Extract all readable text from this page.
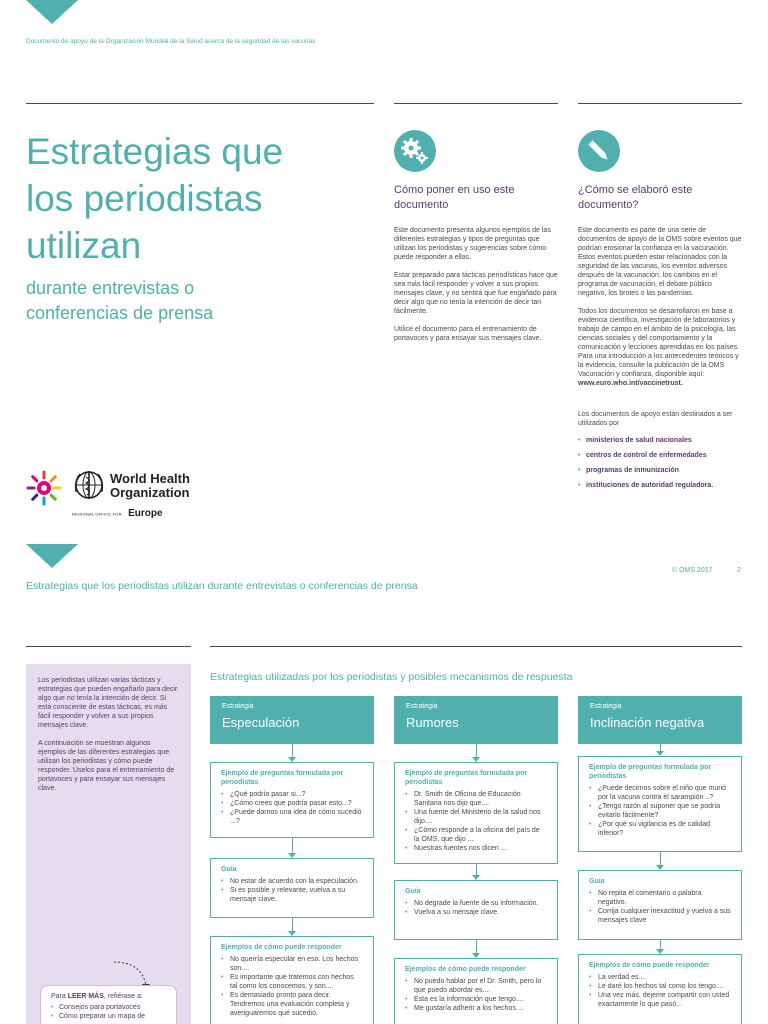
Documento de apoyo de la Organización Mundial de la Salud acerca de la seguridad de las vacunas
Estrategias que
los periodistas
utilizan
durante entrevistas o
conferencias de prensa
Cómo poner en uso este
documento

Este documento presenta algunos ejemplos de las diferentes estrategias y tipos de preguntas que utilizan los periodistas y sugerencias sobre cómo puede responder a ellas.

Estar preparado para tácticas periodísticas hace que sea más fácil responder y volver a sus propios mensajes clave, y no sentirá que fue engañado para decir algo que no tenía la intención de decir tan fácilmente.

Utilice el documento para el entrenamiento de portavoces y para ensayar sus mensajes clave.

¿Cómo se elaboró este
documento?

Este documento es parte de una serie de documentos de apoyo de la OMS sobre eventos que podrían erosionar la confianza en la vacunación. Estos eventos pueden estar relacionados con la seguridad de las vacunas, los eventos adversos después de la vacunación, los cambios en el programa de vacunación, el debate público negativo, los brotes o las pandemias.

Todos los documentos se desarrollaron en base a evidencia científica, investigación de laboratorios y trabajo de campo en el ámbito de la psicología, las ciencias sociales y del comportamiento y la comunicación y lecciones aprendidas en los países. Para una introducción a los antecedentes teóricos y la evidencia, consulte la publicación de la OMS Vacunación y confianza, disponible aquí:

www.euro.who.int/vaccinetrust.

Los documentos de apoyo están destinados a ser utilizados por

• ministerios de salud nacionales
• centros de control de enfermedades
• programas de inmunización
• instituciones de autoridad reguladora.
World Health
Organization
REGIONAL OFFICE FOR Europe
Estrategias que los periodistas utilizan durante entrevistas o conferencias de prensa
© OMS 2017	2

Los periodistas utilizan varias tácticas y estrategias que pueden engañarlo para decir algo que no tenía la intención de decir. Si está consciente de estas tácticas, es más fácil responder y volver a sus propios mensajes clave.

A continuación se muestran algunos ejemplos de las diferentes estrategias que utilizan los periodistas y cómo puede responder. Úselos para el entrenamiento de portavoces y para ensayar sus mensajes clave.

Para LEER MÁS, refiérase a:
• Consejos para portavoces
• Cómo preparar un mapa de
Estrategias utilizadas por los periodistas y posibles mecanismos de respuesta
Estrategia
Especulación
Ejemplo de preguntas formulada por periodistas
• ¿Qué podría pasar si...?
• ¿Cómo crees que podría pasar esto...?
• ¿Puede darnos una idea de cómo sucedió ...?
Guía
• No estar de acuerdo con la especulación.
• Si es posible y relevante, vuelva a su mensaje clave.
Ejemplos de cómo puede responder
• No querría especular en eso. Los hechos son....
• Es importante que tratemos con hechos tal como los conocemos, y son....
• Es demasiado pronto para decir. Tendremos una evaluación completa y averiguaremos qué sucedió.
Estrategia
Rumores
Ejemplo de preguntas formulada por periodistas
• Dr. Smith de Oficina de Educación Sanitaria nos dijo que....
• Una fuente del Ministerio de la salud nos dijo....
• ¿Cómo responde a la oficina del país de la OMS, que dijo ...
• Nuestras fuentes nos dicen ...
Guía
• No degrade la fuente de su información.
• Vuelva a su mensaje clave.
Ejemplos de cómo puede responder
• No puedo hablar por el Dr. Smith, pero lo que puedo abordar es....
• Esta es la información que tengo....
• Me gustaría adherir a los hechos ...
Estrategia
Inclinación negativa
Ejemplo de preguntas formulada por periodistas
• ¿Puede decirnos sobre el niño que murió por la vacuna contra el sarampión ..?
• ¿Tengo razón al suponer que se podría evitarlo fácilmente?
• ¿Por qué su vigilancia es de calidad inferior?
Guía
• No repita el comentario o palabra negativo.
• Corrija cualquier inexactitud y vuelva a sus mensajes clave
Ejemplos de cómo puede responder
• La verdad es....
• Le daré los hechos tal como los tengo....
• Una vez más, dejeme compartir con usted exactamente lo que pasó...
